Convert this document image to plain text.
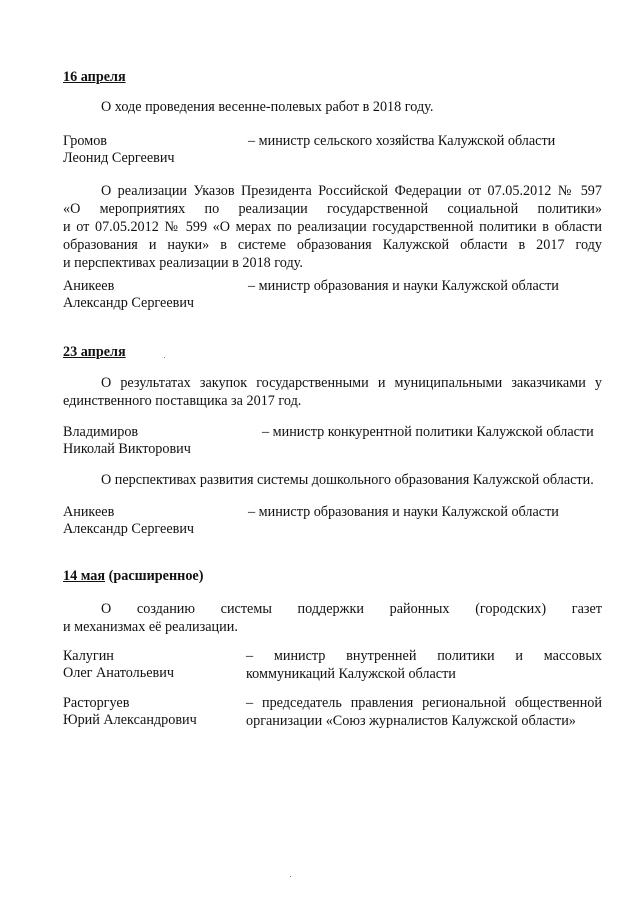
16 апреля
О ходе проведения весенне-полевых работ в 2018 году.
Громов
Леонид Сергеевич
– министр сельского хозяйства Калужской области
О реализации Указов Президента Российской Федерации от 07.05.2012 № 597
«О мероприятиях по реализации государственной социальной политики»
и от 07.05.2012 № 599 «О мерах по реализации государственной политики в области
образования и науки» в системе образования Калужской области в 2017 году
и перспективах реализации в 2018 году.
Аникеев
Александр Сергеевич
– министр образования и науки Калужской области
23 апреля
О результатах закупок государственными и муниципальными заказчиками у
единственного поставщика за 2017 год.
Владимиров
Николай Викторович
– министр конкурентной политики Калужской области
О перспективах развития системы дошкольного образования Калужской области.
Аникеев
Александр Сергеевич
– министр образования и науки Калужской области
14 мая (расширенное)
О созданию системы поддержки районных (городских) газет
и механизмах её реализации.
Калугин
Олег Анатольевич
– министр внутренней политики и массовых
коммуникаций Калужской области
Расторгуев
Юрий Александрович
– председатель правления региональной общественной
организации «Союз журналистов Калужской области»
